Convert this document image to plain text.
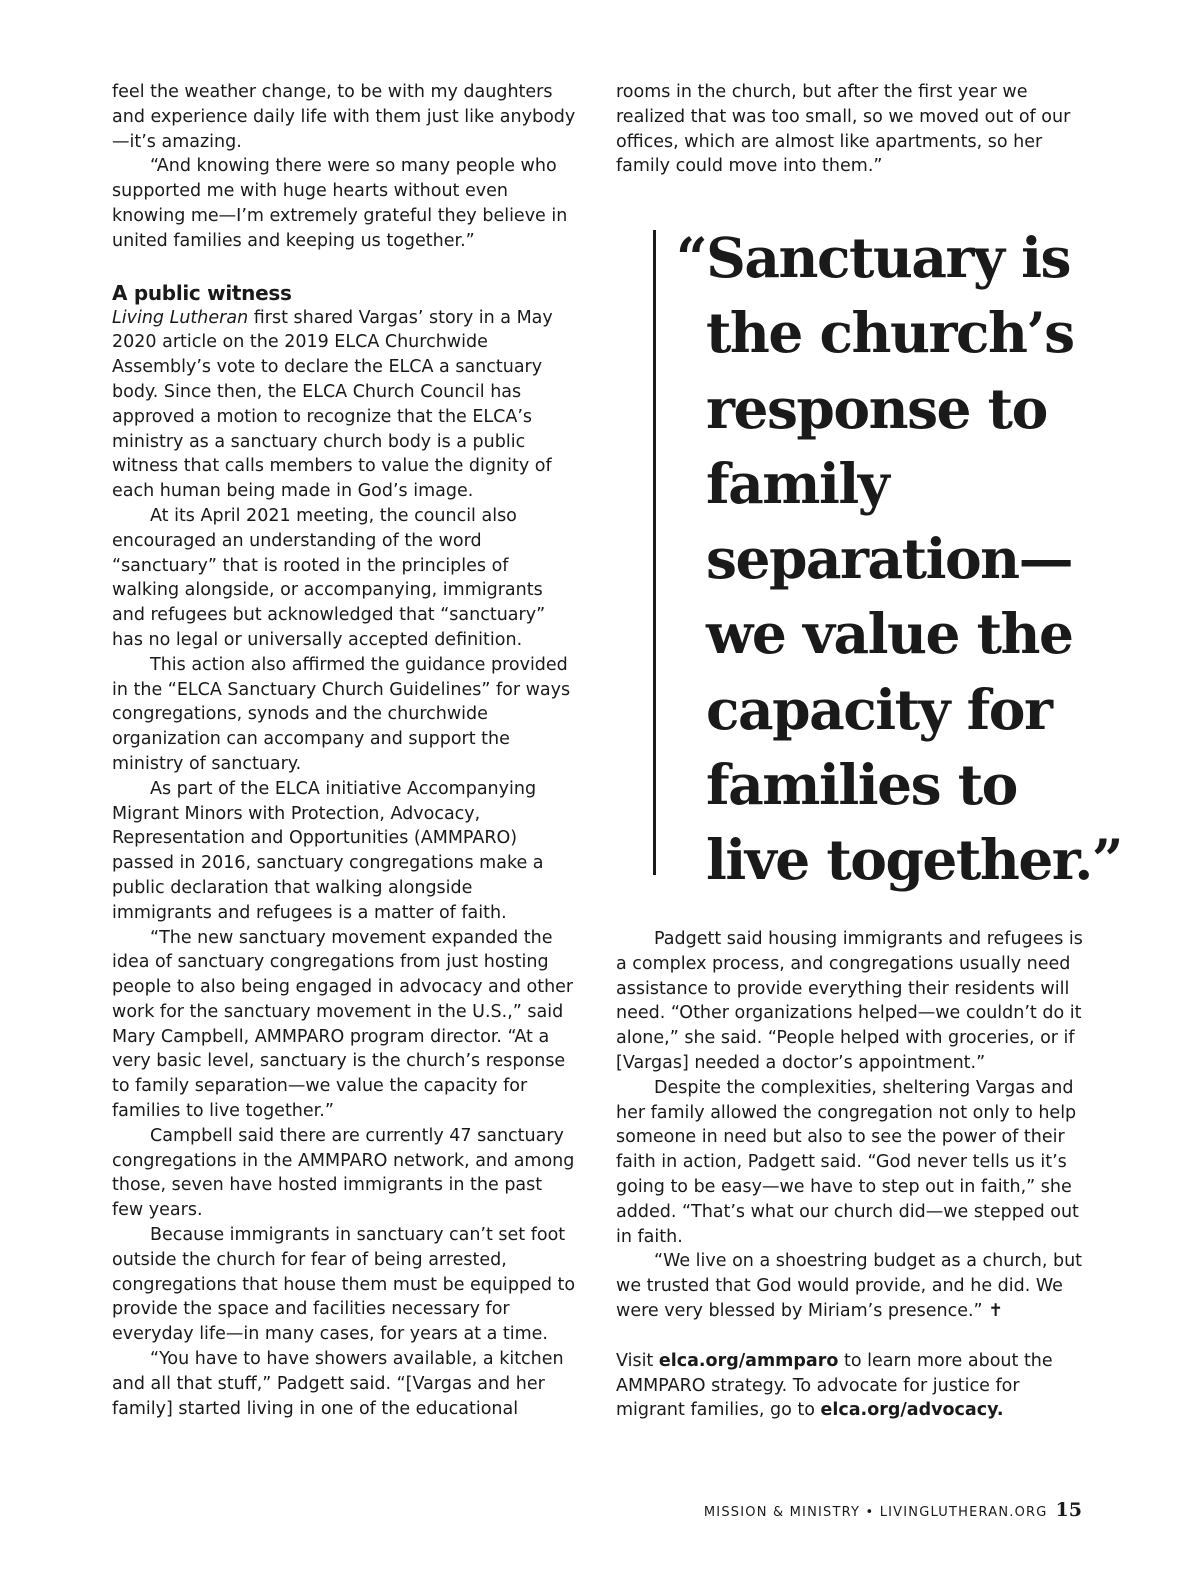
feel the weather change, to be with my daughters and experience daily life with them just like anybody—it’s amazing.

“And knowing there were so many people who supported me with huge hearts without even knowing me—I’m extremely grateful they believe in united families and keeping us together.”

A public witness

Living Lutheran first shared Vargas’ story in a May 2020 article on the 2019 ELCA Churchwide Assembly’s vote to declare the ELCA a sanctuary body. Since then, the ELCA Church Council has approved a motion to recognize that the ELCA’s ministry as a sanctuary church body is a public witness that calls members to value the dignity of each human being made in God’s image.

At its April 2021 meeting, the council also encouraged an understanding of the word “sanctuary” that is rooted in the principles of walking alongside, or accompanying, immigrants and refugees but acknowledged that “sanctuary” has no legal or universally accepted definition.

This action also affirmed the guidance provided in the “ELCA Sanctuary Church Guidelines” for ways congregations, synods and the churchwide organization can accompany and support the ministry of sanctuary.

As part of the ELCA initiative Accompanying Migrant Minors with Protection, Advocacy, Representation and Opportunities (AMMPARO) passed in 2016, sanctuary congregations make a public declaration that walking alongside immigrants and refugees is a matter of faith.

“The new sanctuary movement expanded the idea of sanctuary congregations from just hosting people to also being engaged in advocacy and other work for the sanctuary movement in the U.S.,” said Mary Campbell, AMMPARO program director. “At a very basic level, sanctuary is the church’s response to family separation—we value the capacity for families to live together.”

Campbell said there are currently 47 sanctuary congregations in the AMMPARO network, and among those, seven have hosted immigrants in the past few years.

Because immigrants in sanctuary can’t set foot outside the church for fear of being arrested, congregations that house them must be equipped to provide the space and facilities necessary for everyday life—in many cases, for years at a time.

“You have to have showers available, a kitchen and all that stuff,” Padgett said. “[Vargas and her family] started living in one of the educational

rooms in the church, but after the first year we realized that was too small, so we moved out of our offices, which are almost like apartments, so her family could move into them.”

“Sanctuary is the church’s response to family separation— we value the capacity for families to live together.”

Padgett said housing immigrants and refugees is a complex process, and congregations usually need assistance to provide everything their residents will need. “Other organizations helped—we couldn’t do it alone,” she said. “People helped with groceries, or if [Vargas] needed a doctor’s appointment.”

Despite the complexities, sheltering Vargas and her family allowed the congregation not only to help someone in need but also to see the power of their faith in action, Padgett said. “God never tells us it’s going to be easy—we have to step out in faith,” she added. “That’s what our church did—we stepped out in faith.

“We live on a shoestring budget as a church, but we trusted that God would provide, and he did. We were very blessed by Miriam’s presence.” ✝

Visit elca.org/ammparo to learn more about the AMMPARO strategy. To advocate for justice for migrant families, go to elca.org/advocacy.

MISSION & MINISTRY • LIVINGLUTHERAN.ORG 15
